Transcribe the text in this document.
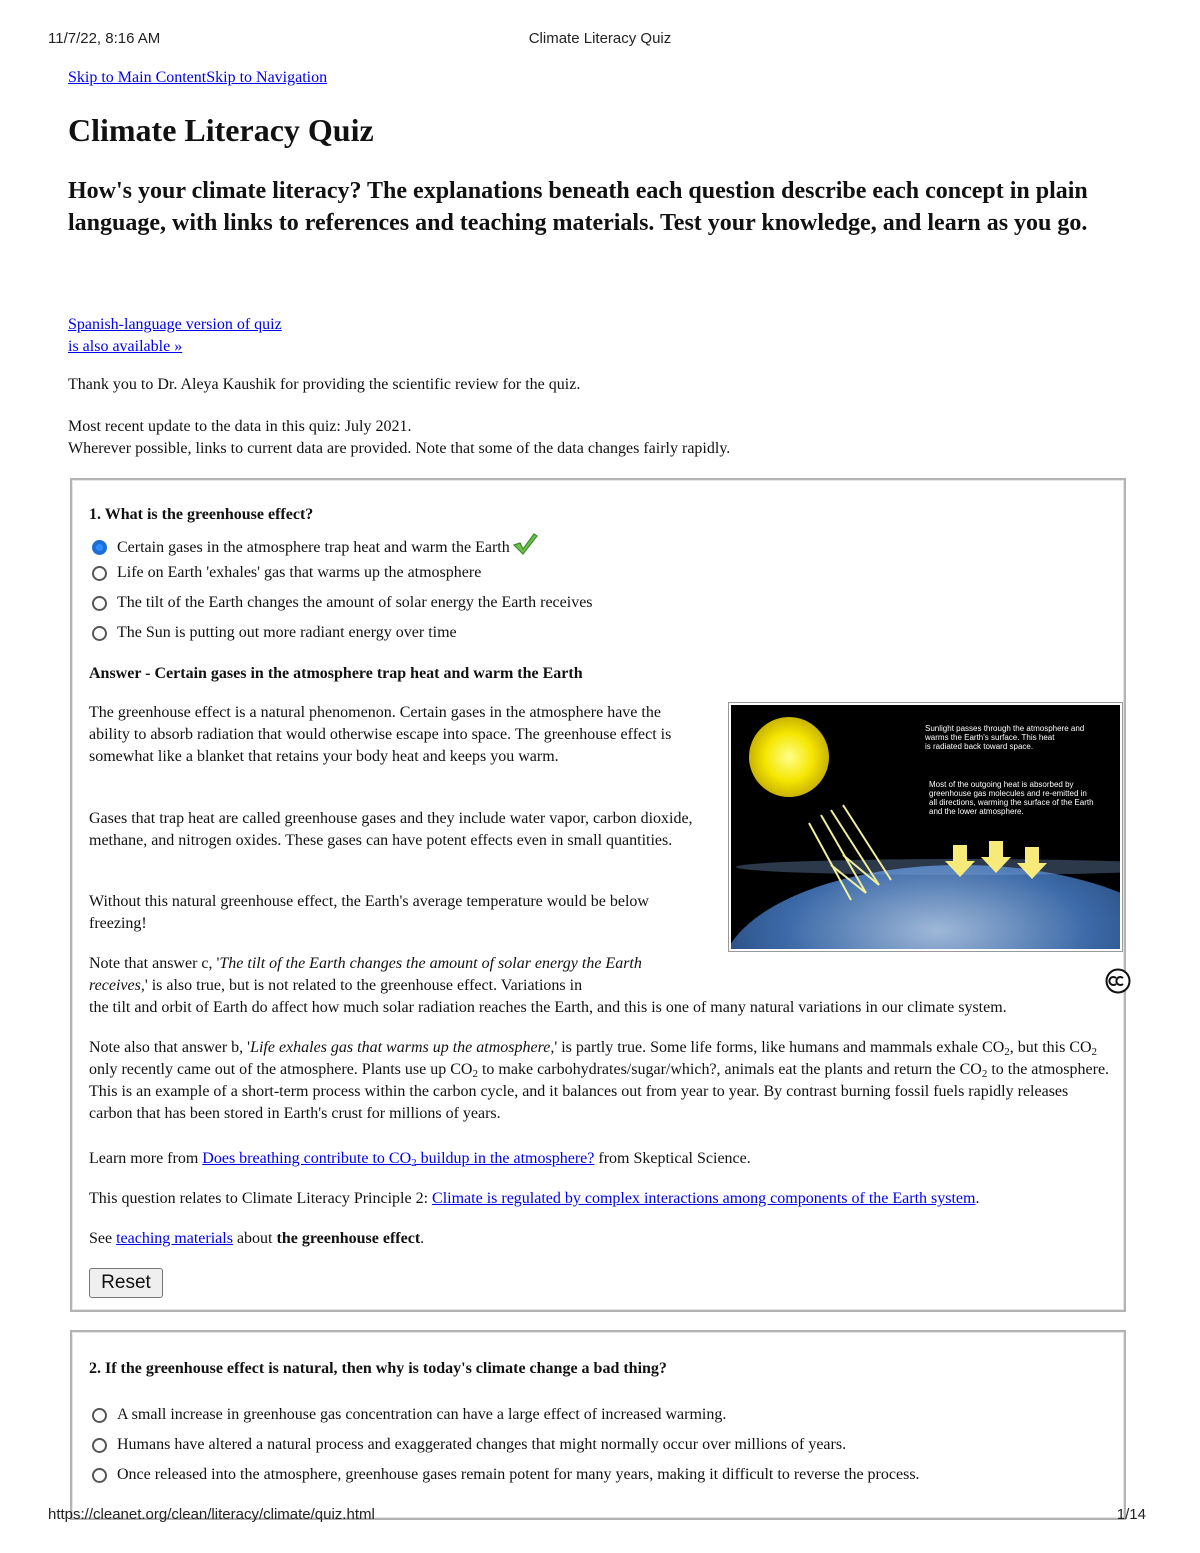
11/7/22, 8:16 AM	Climate Literacy Quiz
Skip to Main ContentSkip to Navigation
Climate Literacy Quiz

How's your climate literacy? The explanations beneath each question describe each concept in plain language, with links to references and teaching materials. Test your knowledge, and learn as you go.

Spanish-language version of quiz
is also available »
Thank you to Dr. Aleya Kaushik for providing the scientific review for the quiz.
Most recent update to the data in this quiz: July 2021.
Wherever possible, links to current data are provided. Note that some of the data changes fairly rapidly.
1. What is the greenhouse effect?
Certain gases in the atmosphere trap heat and warm the Earth
Life on Earth 'exhales' gas that warms up the atmosphere
The tilt of the Earth changes the amount of solar energy the Earth receives
The Sun is putting out more radiant energy over time
Answer - Certain gases in the atmosphere trap heat and warm the Earth

The greenhouse effect is a natural phenomenon. Certain gases in the atmosphere have the ability to absorb radiation that would otherwise escape into space. The greenhouse effect is somewhat like a blanket that retains your body heat and keeps you warm.

Gases that trap heat are called greenhouse gases and they include water vapor, carbon dioxide, methane, and nitrogen oxides. These gases can have potent effects even in small quantities.

Without this natural greenhouse effect, the Earth's average temperature would be below freezing!

Sunlight passes through the atmosphere and
warms the Earth's surface. This heat
is radiated back toward space.
Most of the outgoing heat is absorbed by
greenhouse gas molecules and re-emitted in
all directions, warming the surface of the Earth
and the lower atmosphere.

Note that answer c, 'The tilt of the Earth changes the amount of solar energy the Earth receives,' is also true, but is not related to the greenhouse effect. Variations in

the tilt and orbit of Earth do affect how much solar radiation reaches the Earth, and this is one of many natural variations in our climate system.

Note also that answer b, 'Life exhales gas that warms up the atmosphere,' is partly true. Some life forms, like humans and mammals exhale $CO_2$, but this $CO_2$ only recently came out of the atmosphere. Plants use up $CO_2$ to make carbohydrates/sugar/which?, animals eat the plants and return the $CO_2$ to the atmosphere. This is an example of a short-term process within the carbon cycle, and it balances out from year to year. By contrast burning fossil fuels rapidly releases carbon that has been stored in Earth's crust for millions of years.

Learn more from Does breathing contribute to $CO_2$ buildup in the atmosphere? from Skeptical Science.

This question relates to Climate Literacy Principle 2: Climate is regulated by complex interactions among components of the Earth system.

See teaching materials about the greenhouse effect.

Reset
2. If the greenhouse effect is natural, then why is today's climate change a bad thing?
A small increase in greenhouse gas concentration can have a large effect of increased warming.
Humans have altered a natural process and exaggerated changes that might normally occur over millions of years.
Once released into the atmosphere, greenhouse gases remain potent for many years, making it difficult to reverse the process.
https://cleanet.org/clean/literacy/climate/quiz.html	1/14
